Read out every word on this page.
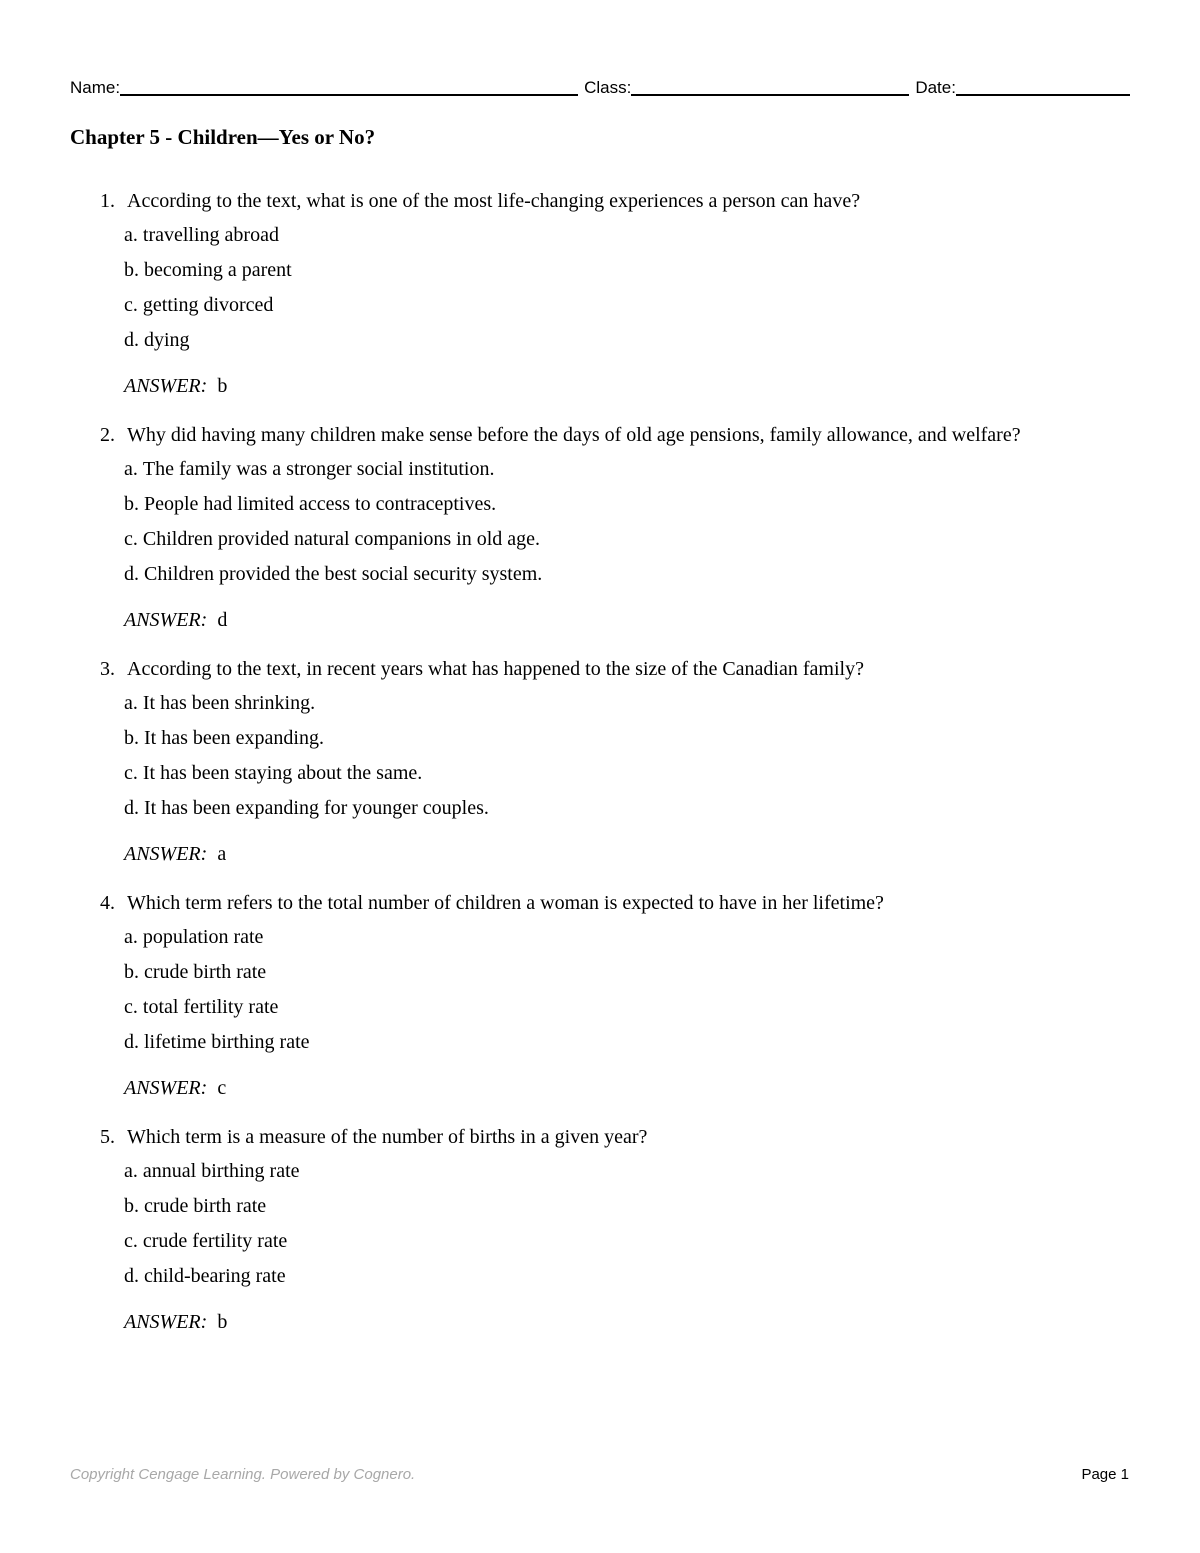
Name:	Class:	Date:
Chapter 5 - Children—Yes or No?
1. According to the text, what is one of the most life-changing experiences a person can have?
a. travelling abroad
b. becoming a parent
c. getting divorced
d. dying
ANSWER: b
2. Why did having many children make sense before the days of old age pensions, family allowance, and welfare?
a. The family was a stronger social institution.
b. People had limited access to contraceptives.
c. Children provided natural companions in old age.
d. Children provided the best social security system.
ANSWER: d
3. According to the text, in recent years what has happened to the size of the Canadian family?
a. It has been shrinking.
b. It has been expanding.
c. It has been staying about the same.
d. It has been expanding for younger couples.
ANSWER: a
4. Which term refers to the total number of children a woman is expected to have in her lifetime?
a. population rate
b. crude birth rate
c. total fertility rate
d. lifetime birthing rate
ANSWER: c
5. Which term is a measure of the number of births in a given year?
a. annual birthing rate
b. crude birth rate
c. crude fertility rate
d. child-bearing rate
ANSWER: b
Copyright Cengage Learning. Powered by Cognero.	Page 1
